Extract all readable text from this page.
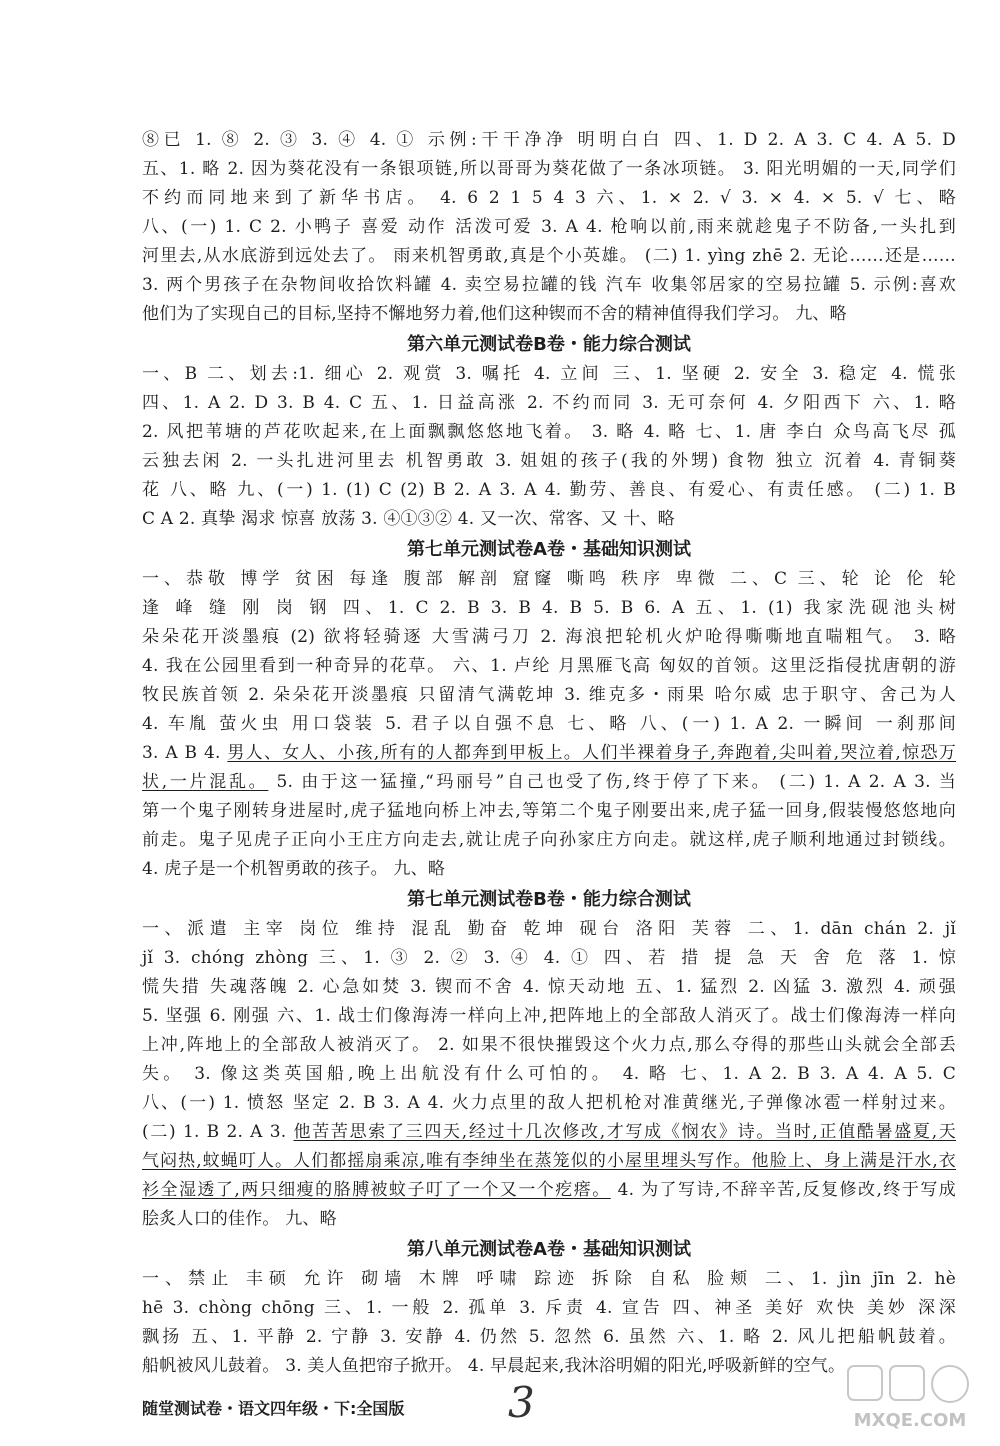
⑧已 1. ⑧ 2. ③ 3. ④ 4. ① 示例:干干净净 明明白白 四、1. D 2. A 3. C 4. A 5. D

五、1. 略 2. 因为葵花没有一条银项链,所以哥哥为葵花做了一条冰项链。 3. 阳光明媚的一天,同学们

不约而同地来到了新华书店。 4. 6 2 1 5 4 3 六、1. × 2. √ 3. × 4. × 5. √ 七、略

八、(一) 1. C 2. 小鸭子 喜爱 动作 活泼可爱 3. A 4. 枪响以前,雨来就趁鬼子不防备,一头扎到

河里去,从水底游到远处去了。 雨来机智勇敢,真是个小英雄。 (二) 1. yìng zhē 2. 无论……还是……

3. 两个男孩子在杂物间收拾饮料罐 4. 卖空易拉罐的钱 汽车 收集邻居家的空易拉罐 5. 示例:喜欢

他们为了实现自己的目标,坚持不懈地努力着,他们这种锲而不舍的精神值得我们学习。 九、略

第六单元测试卷B卷・能力综合测试

一、B 二、划去:1. 细心 2. 观赏 3. 嘱托 4. 立间 三、1. 坚硬 2. 安全 3. 稳定 4. 慌张

四、1. A 2. D 3. B 4. C 五、1. 日益高涨 2. 不约而同 3. 无可奈何 4. 夕阳西下 六、1. 略

2. 风把苇塘的芦花吹起来,在上面飘飘悠悠地飞着。 3. 略 4. 略 七、1. 唐 李白 众鸟高飞尽 孤

云独去闲 2. 一头扎进河里去 机智勇敢 3. 姐姐的孩子(我的外甥) 食物 独立 沉着 4. 青铜葵

花 八、略 九、(一) 1. (1) C (2) B 2. A 3. A 4. 勤劳、善良、有爱心、有责任感。 (二) 1. B

C A 2. 真挚 渴求 惊喜 放荡 3. ④①③② 4. 又一次、常客、又 十、略

第七单元测试卷A卷・基础知识测试

一、恭敬 博学 贫困 每逢 腹部 解剖 窟窿 嘶鸣 秩序 卑微 二、C 三、轮 论 伦 轮

逢 峰 缝 刚 岗 钢 四、1. C 2. B 3. B 4. B 5. B 6. A 五、1. (1) 我家洗砚池头树

朵朵花开淡墨痕 (2) 欲将轻骑逐 大雪满弓刀 2. 海浪把轮机火炉呛得嘶嘶地直喘粗气。 3. 略

4. 我在公园里看到一种奇异的花草。 六、1. 卢纶 月黑雁飞高 匈奴的首领。这里泛指侵扰唐朝的游

牧民族首领 2. 朵朵花开淡墨痕 只留清气满乾坤 3. 维克多・雨果 哈尔威 忠于职守、舍己为人

4. 车胤 萤火虫 用口袋装 5. 君子以自强不息 七、略 八、(一) 1. A 2. 一瞬间 一刹那间

3. A B 4. 男人、女人、小孩,所有的人都奔到甲板上。人们半裸着身子,奔跑着,尖叫着,哭泣着,惊恐万

状,一片混乱。 5. 由于这一猛撞,“玛丽号”自己也受了伤,终于停了下来。 (二) 1. A 2. A 3. 当

第一个鬼子刚转身进屋时,虎子猛地向桥上冲去,等第二个鬼子刚要出来,虎子猛一回身,假装慢悠悠地向

前走。鬼子见虎子正向小王庄方向走去,就让虎子向孙家庄方向走。就这样,虎子顺利地通过封锁线。

4. 虎子是一个机智勇敢的孩子。 九、略

第七单元测试卷B卷・能力综合测试

一、派遣 主宰 岗位 维持 混乱 勤奋 乾坤 砚台 洛阳 芙蓉 二、1. dān chán 2. jǐ

jǐ 3. chóng zhòng 三、1. ③ 2. ② 3. ④ 4. ① 四、若 措 提 急 天 舍 危 落 1. 惊

慌失措 失魂落魄 2. 心急如焚 3. 锲而不舍 4. 惊天动地 五、1. 猛烈 2. 凶猛 3. 激烈 4. 顽强

5. 坚强 6. 刚强 六、1. 战士们像海涛一样向上冲,把阵地上的全部敌人消灭了。战士们像海涛一样向

上冲,阵地上的全部敌人被消灭了。 2. 如果不很快摧毁这个火力点,那么夺得的那些山头就会全部丢

失。 3. 像这类英国船,晚上出航没有什么可怕的。 4. 略 七、1. A 2. B 3. A 4. A 5. C

八、(一) 1. 愤怒 坚定 2. B 3. A 4. 火力点里的敌人把机枪对准黄继光,子弹像冰雹一样射过来。

(二) 1. B 2. A 3. 他苦苦思索了三四天,经过十几次修改,才写成《悯农》诗。当时,正值酷暑盛夏,天

气闷热,蚊蝇叮人。人们都摇扇乘凉,唯有李绅坐在蒸笼似的小屋里埋头写作。他脸上、身上满是汗水,衣

衫全湿透了,两只细瘦的胳膊被蚊子叮了一个又一个疙瘩。 4. 为了写诗,不辞辛苦,反复修改,终于写成

脍炙人口的佳作。 九、略

第八单元测试卷A卷・基础知识测试

一、禁止 丰硕 允许 砌墙 木牌 呼啸 踪迹 拆除 自私 脸颊 二、1. jìn jīn 2. hè

hē 3. chòng chōng 三、1. 一般 2. 孤单 3. 斥责 4. 宣告 四、神圣 美好 欢快 美妙 深深

飘扬 五、1. 平静 2. 宁静 3. 安静 4. 仍然 5. 忽然 6. 虽然 六、1. 略 2. 风儿把船帆鼓着。

船帆被风儿鼓着。 3. 美人鱼把帘子掀开。 4. 早晨起来,我沐浴明媚的阳光,呼吸新鲜的空气。

随堂测试卷・语文四年级・下:全国版 3	MXQE.COM
